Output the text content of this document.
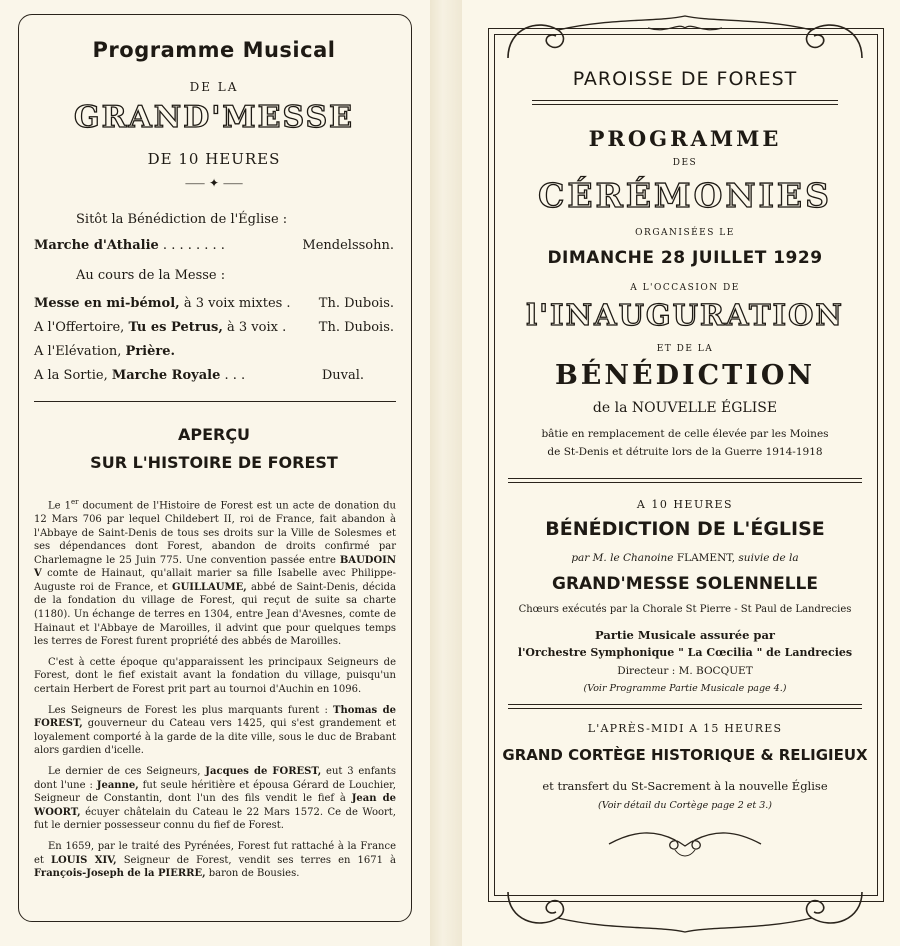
Programme Musical
DE LA
GRAND'MESSE
DE 10 HEURES
⸺ ✦ ⸺
Sitôt la Bénédiction de l'Église :
Marche d'Athalie . . . . . . . .	Mendelssohn.
Au cours de la Messe :
Messe en mi-bémol, à 3 voix mixtes . Th. Dubois.
A l'Offertoire, Tu es Petrus, à 3 voix .	Th. Dubois.
A l'Elévation, Prière.
A la Sortie, Marche Royale . . .	Duval.
APERÇU
SUR L'HISTOIRE DE FOREST

Le 1er document de l'Histoire de Forest est un acte de donation du 12 Mars 706 par lequel Childebert II, roi de France, fait abandon à l'Abbaye de Saint-Denis de tous ses droits sur la Ville de Solesmes et ses dépendances dont Forest, abandon de droits confirmé par Charlemagne le 25 Juin 775. Une convention passée entre BAUDOIN V comte de Hainaut, qu'allait marier sa fille Isabelle avec Philippe-Auguste roi de France, et GUILLAUME, abbé de Saint-Denis, décida de la fondation du village de Forest, qui reçut de suite sa charte (1180). Un échange de terres en 1304, entre Jean d'Avesnes, comte de Hainaut et l'Abbaye de Maroilles, il advint que pour quelques temps les terres de Forest furent propriété des abbés de Maroilles.

C'est à cette époque qu'apparaissent les principaux Seigneurs de Forest, dont le fief existait avant la fondation du village, puisqu'un certain Herbert de Forest prit part au tournoi d'Auchin en 1096.

Les Seigneurs de Forest les plus marquants furent : Thomas de FOREST, gouverneur du Cateau vers 1425, qui s'est grandement et loyalement comporté à la garde de la dite ville, sous le duc de Brabant alors gardien d'icelle.

Le dernier de ces Seigneurs, Jacques de FOREST, eut 3 enfants dont l'une : Jeanne, fut seule héritière et épousa Gérard de Louchier, Seigneur de Constantin, dont l'un des fils vendit le fief à Jean de WOORT, écuyer châtelain du Cateau le 22 Mars 1572. Ce de Woort, fut le dernier possesseur connu du fief de Forest.

En 1659, par le traité des Pyrénées, Forest fut rattaché à la France et LOUIS XIV, Seigneur de Forest, vendit ses terres en 1671 à François-Joseph de la PIERRE, baron de Bousies.

PAROISSE DE FOREST
PROGRAMME
DES
CÉRÉMONIES
ORGANISÉES LE
DIMANCHE 28 JUILLET 1929
A L'OCCASION DE
l'INAUGURATION
ET DE LA
BÉNÉDICTION
de la NOUVELLE ÉGLISE
bâtie en remplacement de celle élevée par les Moines
de St-Denis et détruite lors de la Guerre 1914-1918
A 10 HEURES
BÉNÉDICTION DE L'ÉGLISE
par M. le Chanoine FLAMENT, suivie de la
GRAND'MESSE SOLENNELLE
Chœurs exécutés par la Chorale St Pierre - St Paul de Landrecies
Partie Musicale assurée par
l'Orchestre Symphonique " La Cœcilia " de Landrecies
Directeur : M. BOCQUET
(Voir Programme Partie Musicale page 4.)
L'APRÈS-MIDI A 15 HEURES
GRAND CORTÈGE HISTORIQUE & RELIGIEUX
et transfert du St-Sacrement à la nouvelle Église
(Voir détail du Cortège page 2 et 3.)
